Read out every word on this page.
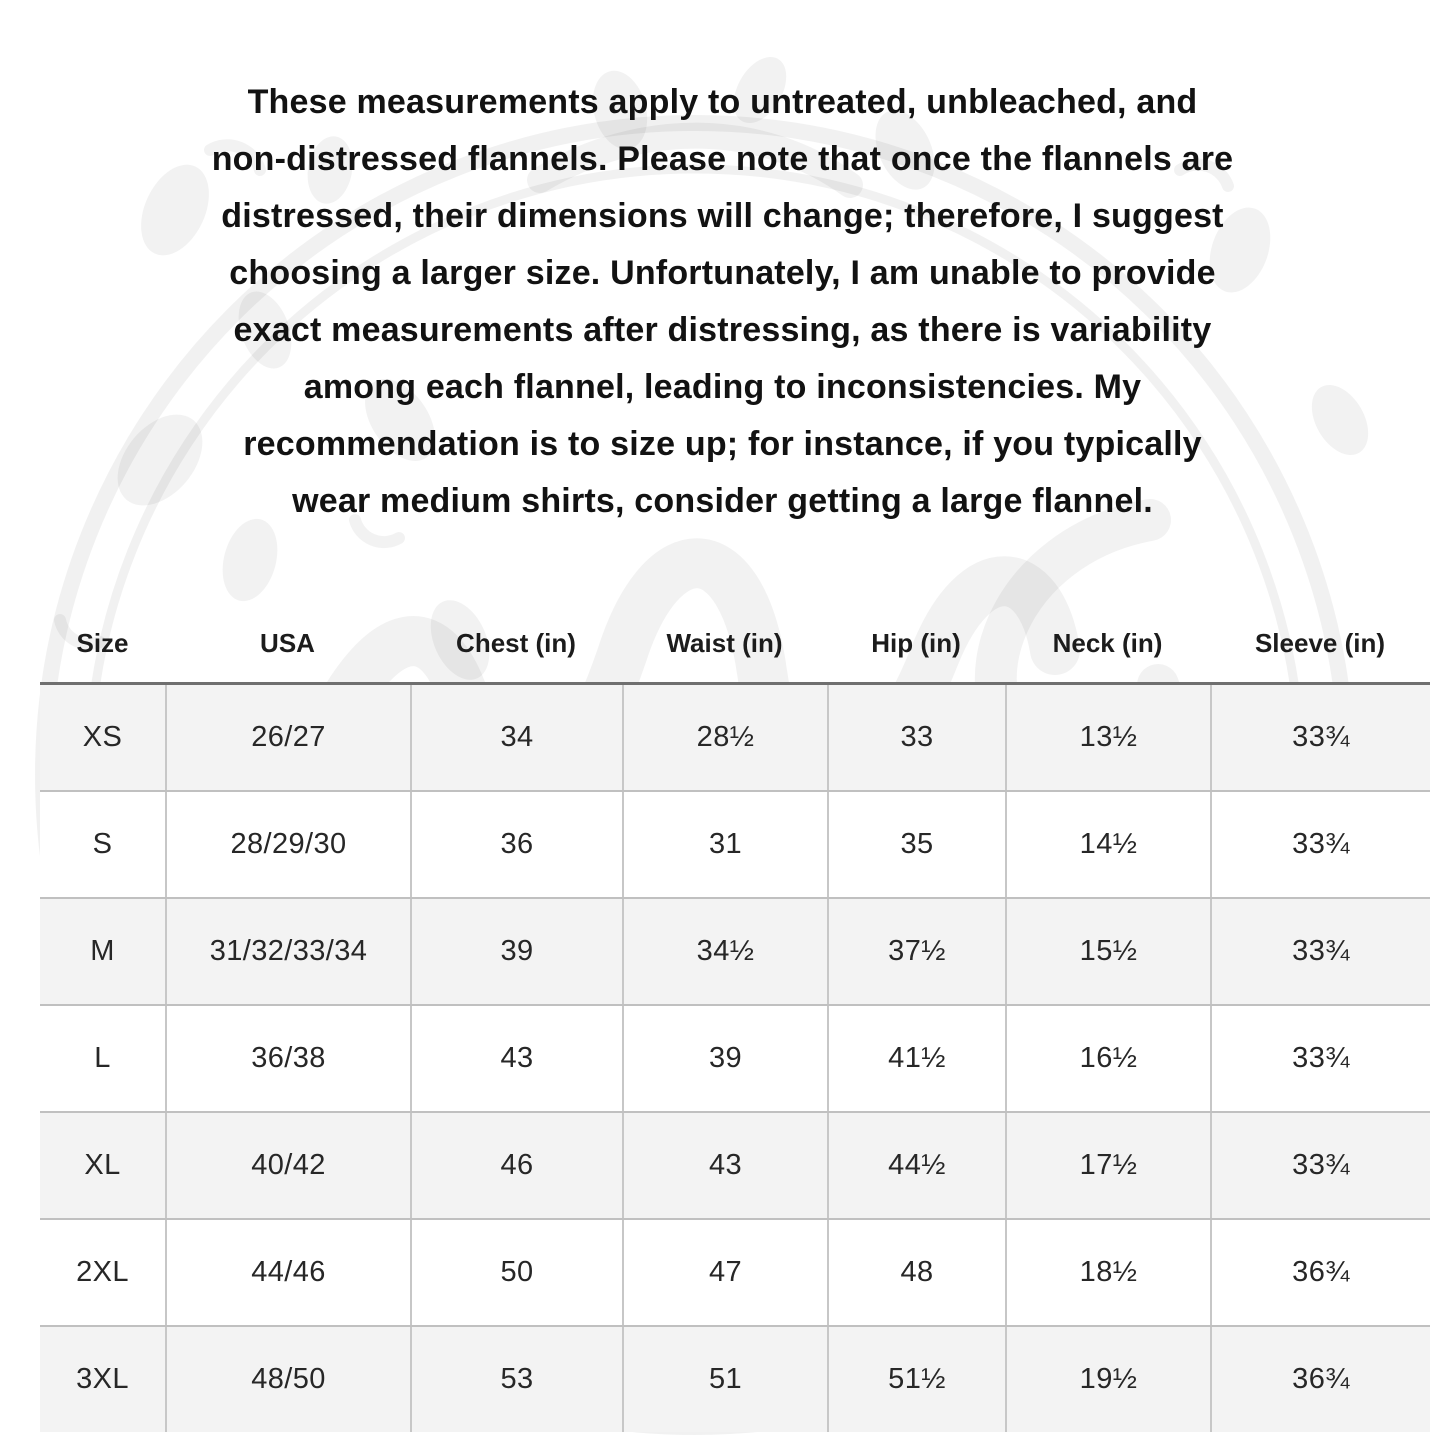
These measurements apply to untreated, unbleached, and
non-distressed flannels. Please note that once the flannels are
distressed, their dimensions will change; therefore, I suggest
choosing a larger size. Unfortunately, I am unable to provide
exact measurements after distressing, as there is variability
among each flannel, leading to inconsistencies. My
recommendation is to size up; for instance, if you typically
wear medium shirts, consider getting a large flannel.
Size	USA	Chest (in)	Waist (in)	Hip (in)	Neck (in)	Sleeve (in)
XS	26/27	34	28½	33	13½	33¾
S	28/29/30	36	31	35	14½	33¾
M	31/32/33/34	39	34½	37½	15½	33¾
L	36/38	43	39	41½	16½	33¾
XL	40/42	46	43	44½	17½	33¾
2XL	44/46	50	47	48	18½	36¾
3XL	48/50	53	51	51½	19½	36¾
